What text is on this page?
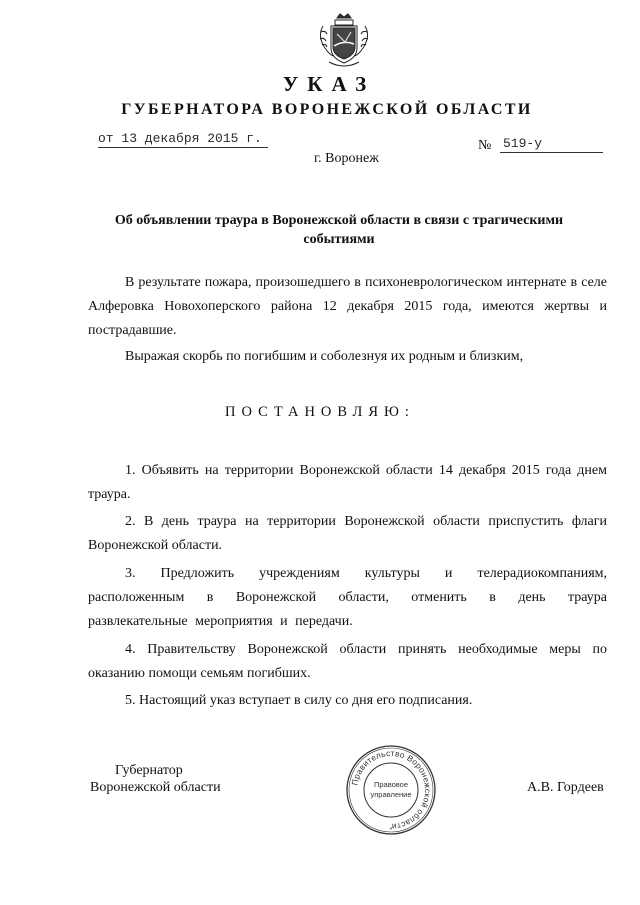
УКАЗ
ГУБЕРНАТОРА ВОРОНЕЖСКОЙ ОБЛАСТИ
от 13 декабря 2015 г.	№ 519-у
г. Воронеж
Об объявлении траура в Воронежской области в связи с трагическими событиями
В результате пожара, произошедшего в психоневрологическом интернате в селе Алферовка Новохоперского района 12 декабря 2015 года, имеются жертвы и пострадавшие.
Выражая скорбь по погибшим и соболезнуя их родным и близким,
ПОСТАНОВЛЯЮ:
1. Объявить на территории Воронежской области 14 декабря 2015 года днем траура.
2. В день траура на территории Воронежской области приспустить флаги Воронежской области.
3. Предложить учреждениям культуры и телерадиокомпаниям, расположенным в Воронежской области, отменить в день траура развлекательные мероприятия и передачи.
4. Правительству Воронежской области принять необходимые меры по оказанию помощи семьям погибших.
5. Настоящий указ вступает в силу со дня его подписания.
Губернатор
Воронежской области	А.В. Гордеев
Правительство Воронежской области
Правовое
управление
*
